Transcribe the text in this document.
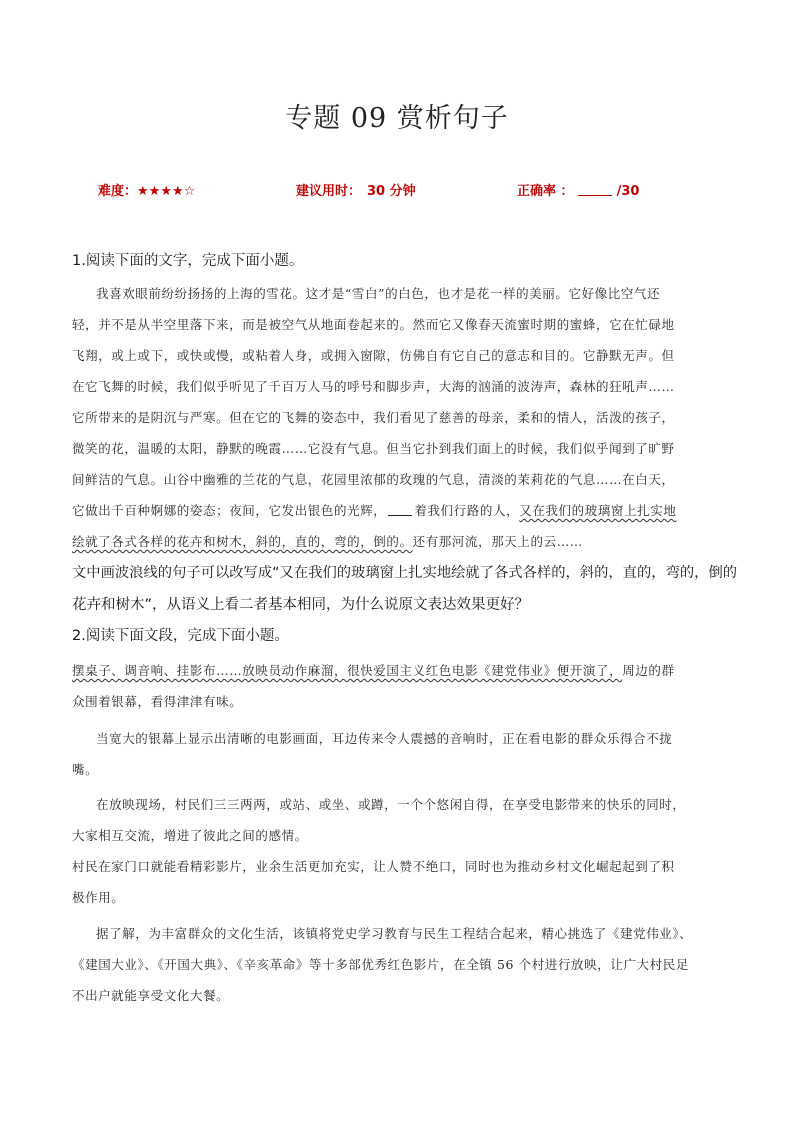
专题 09 赏析句子
难度：★★★★☆	建议用时： 30 分钟	正确率 ：	/30
1.阅读下面的文字，完成下面小题。
我喜欢眼前纷纷扬扬的上海的雪花。这才是“雪白”的白色，也才是花一样的美丽。它好像比空气还
轻，并不是从半空里落下来，而是被空气从地面卷起来的。然而它又像春天流蜜时期的蜜蜂，它在忙碌地
飞翔，或上或下，或快或慢，或粘着人身，或拥入窗隙，仿佛自有它自己的意志和目的。它静默无声。但
在它飞舞的时候，我们似乎听见了千百万人马的呼号和脚步声，大海的汹涌的波涛声，森林的狂吼声……
它所带来的是阴沉与严寒。但在它的飞舞的姿态中，我们看见了慈善的母亲，柔和的情人，活泼的孩子，
微笑的花，温暖的太阳，静默的晚霞……它没有气息。但当它扑到我们面上的时候，我们似乎闻到了旷野
间鲜洁的气息。山谷中幽雅的兰花的气息，花园里浓郁的玫瑰的气息，清淡的茉莉花的气息……在白天，
它做出千百种婀娜的姿态；夜间，它发出银色的光辉， 着我们行路的人，又在我们的玻璃窗上扎实地
绘就了各式各样的花卉和树木，斜的，直的，弯的，倒的。还有那河流，那天上的云……
文中画波浪线的句子可以改写成“又在我们的玻璃窗上扎实地绘就了各式各样的，斜的，直的，弯的，倒的
花卉和树木”，从语义上看二者基本相同，为什么说原文表达效果更好？
2.阅读下面文段，完成下面小题。
摆桌子、调音响、挂影布……放映员动作麻溜，很快爱国主义红色电影《建党伟业》便开演了，周边的群
众围着银幕，看得津津有味。
当宽大的银幕上显示出清晰的电影画面，耳边传来令人震撼的音响时，正在看电影的群众乐得合不拢
嘴。
在放映现场，村民们三三两两，或站、或坐、或蹲，一个个悠闲自得，在享受电影带来的快乐的同时，
大家相互交流，增进了彼此之间的感情。
村民在家门口就能看精彩影片，业余生活更加充实，让人赞不绝口，同时也为推动乡村文化崛起起到了积
极作用。
据了解，为丰富群众的文化生活，该镇将党史学习教育与民生工程结合起来，精心挑选了《建党伟业》、
《建国大业》、《开国大典》、《辛亥革命》等十多部优秀红色影片，在全镇 56 个村进行放映，让广大村民足
不出户就能享受文化大餐。
